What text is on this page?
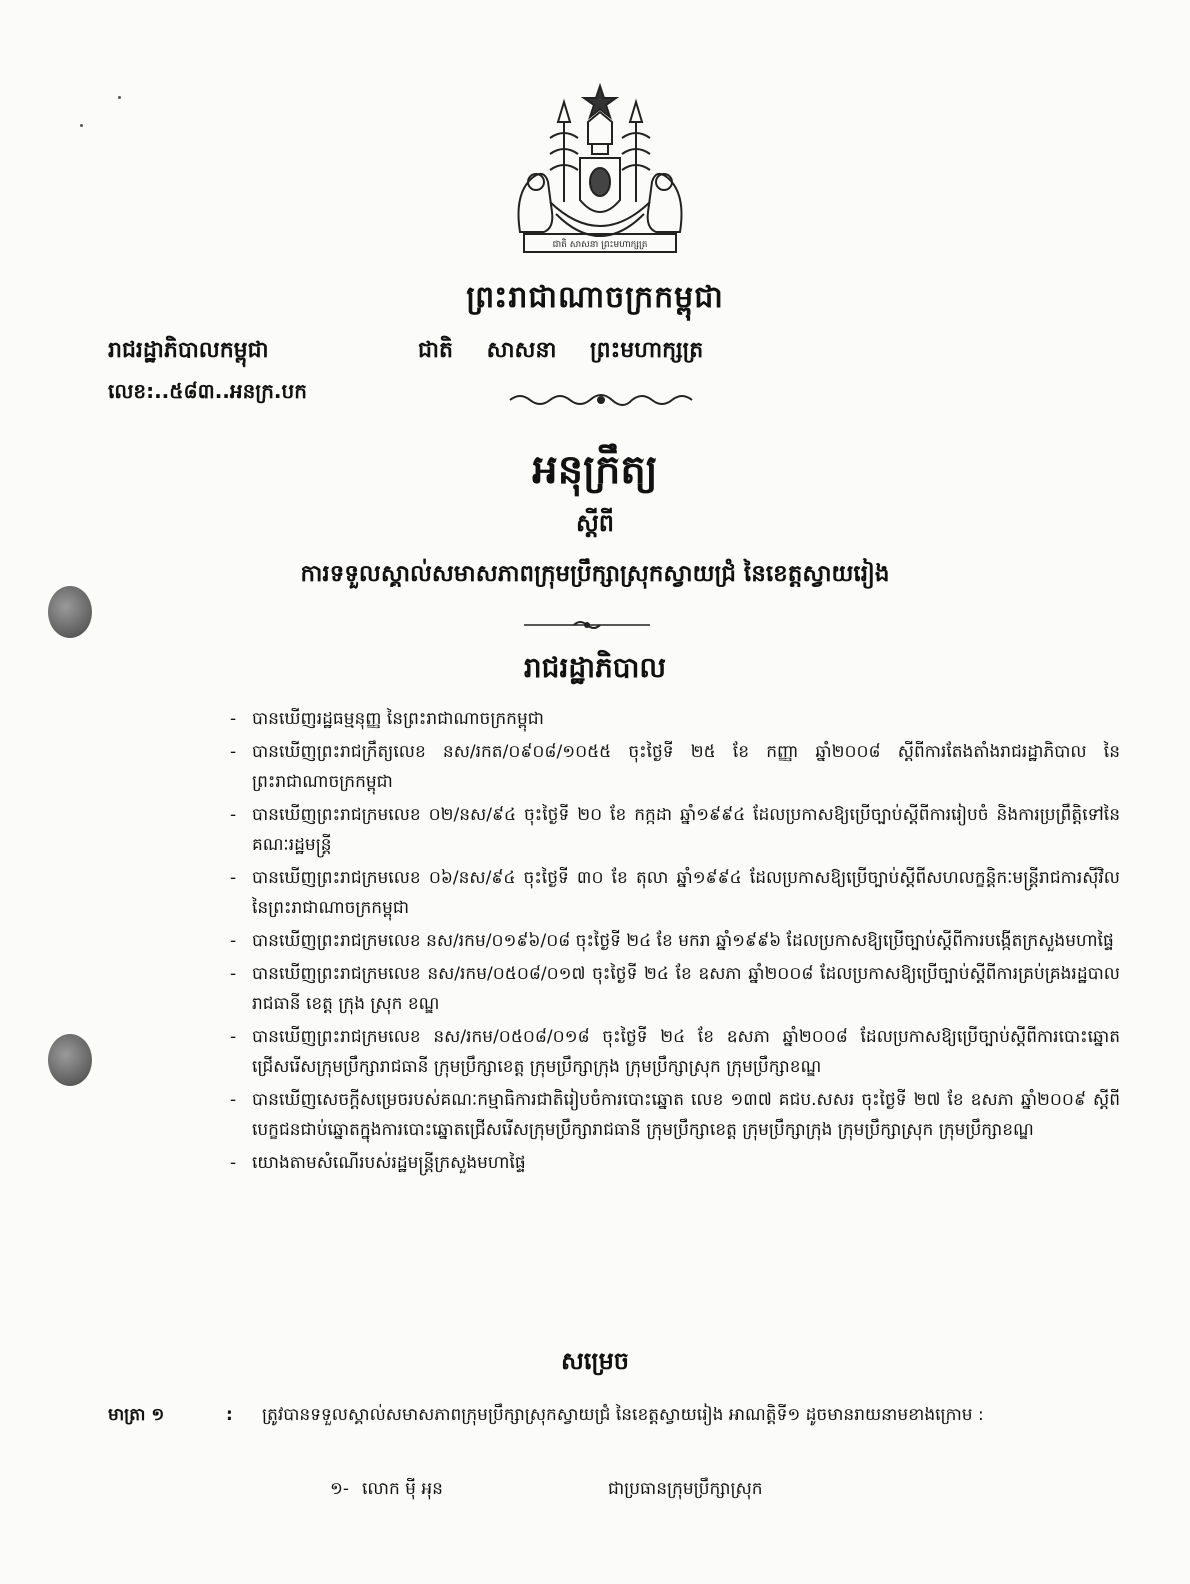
ជាតិ សាសនា ព្រះមហាក្សត្រ
ព្រះរាជាណាចក្រកម្ពុជា
រាជរដ្ឋាភិបាលកម្ពុជា	ជាតិ សាសនា ព្រះមហាក្សត្រ
លេខ:..៥៨៣..អនក្រ.បក
អនុក្រឹត្យ
ស្តីពី
ការទទួលស្គាល់សមាសភាពក្រុមប្រឹក្សាស្រុកស្វាយជ្រំ នៃខេត្តស្វាយរៀង
រាជរដ្ឋាភិបាល
- បានឃើញរដ្ឋធម្មនុញ្ញ នៃព្រះរាជាណាចក្រកម្ពុជា
- បានឃើញព្រះរាជក្រឹត្យលេខ នស/រកត/០៩០៨/១០៥៥ ចុះថ្ងៃទី ២៥ ខែ កញ្ញា ឆ្នាំ២០០៨ ស្តីពីការតែងតាំងរាជរដ្ឋាភិបាល នៃព្រះរាជាណាចក្រកម្ពុជា
- បានឃើញព្រះរាជក្រមលេខ ០២/នស/៩៤ ចុះថ្ងៃទី ២០ ខែ កក្កដា ឆ្នាំ១៩៩៤ ដែលប្រកាសឱ្យប្រើច្បាប់ស្តីពីការរៀបចំ និងការប្រព្រឹត្តិទៅនៃគណៈរដ្ឋមន្ត្រី
- បានឃើញព្រះរាជក្រមលេខ ០៦/នស/៩៤ ចុះថ្ងៃទី ៣០ ខែ តុលា ឆ្នាំ១៩៩៤ ដែលប្រកាសឱ្យប្រើច្បាប់ស្តីពីសហលក្ខន្តិកៈមន្ត្រីរាជការស៊ីវិល នៃព្រះរាជាណាចក្រកម្ពុជា
- បានឃើញព្រះរាជក្រមលេខ នស/រកម/០១៩៦/០៨ ចុះថ្ងៃទី ២៤ ខែ មករា ឆ្នាំ១៩៩៦ ដែលប្រកាសឱ្យប្រើច្បាប់ស្តីពីការបង្កើតក្រសួងមហាផ្ទៃ
- បានឃើញព្រះរាជក្រមលេខ នស/រកម/០៥០៨/០១៧ ចុះថ្ងៃទី ២៤ ខែ ឧសភា ឆ្នាំ២០០៨ ដែលប្រកាសឱ្យប្រើច្បាប់ស្តីពីការគ្រប់គ្រងរដ្ឋបាលរាជធានី ខេត្ត ក្រុង ស្រុក ខណ្ឌ
- បានឃើញព្រះរាជក្រមលេខ នស/រកម/០៥០៨/០១៨ ចុះថ្ងៃទី ២៤ ខែ ឧសភា ឆ្នាំ២០០៨ ដែលប្រកាសឱ្យប្រើច្បាប់ស្តីពីការបោះឆ្នោតជ្រើសរើសក្រុមប្រឹក្សារាជធានី ក្រុមប្រឹក្សាខេត្ត ក្រុមប្រឹក្សាក្រុង ក្រុមប្រឹក្សាស្រុក ក្រុមប្រឹក្សាខណ្ឌ
- បានឃើញសេចក្តីសម្រេចរបស់គណៈកម្មាធិការជាតិរៀបចំការបោះឆ្នោត លេខ ១៣៧ គជប.សសរ ចុះថ្ងៃទី ២៧ ខែ ឧសភា ឆ្នាំ២០០៩ ស្តីពីបេក្ខជនជាប់ឆ្នោតក្នុងការបោះឆ្នោតជ្រើសរើសក្រុមប្រឹក្សារាជធានី ក្រុមប្រឹក្សាខេត្ត ក្រុមប្រឹក្សាក្រុង ក្រុមប្រឹក្សាស្រុក ក្រុមប្រឹក្សាខណ្ឌ
- យោងតាមសំណើរបស់រដ្ឋមន្ត្រីក្រសួងមហាផ្ទៃ
សម្រេច
មាត្រា ១	: ត្រូវបានទទួលស្គាល់សមាសភាពក្រុមប្រឹក្សាស្រុកស្វាយជ្រំ នៃខេត្តស្វាយរៀង អាណត្តិទី១ ដូចមានរាយនាមខាងក្រោម :
១- លោក ម៉ី អុន	ជាប្រធានក្រុមប្រឹក្សាស្រុក
